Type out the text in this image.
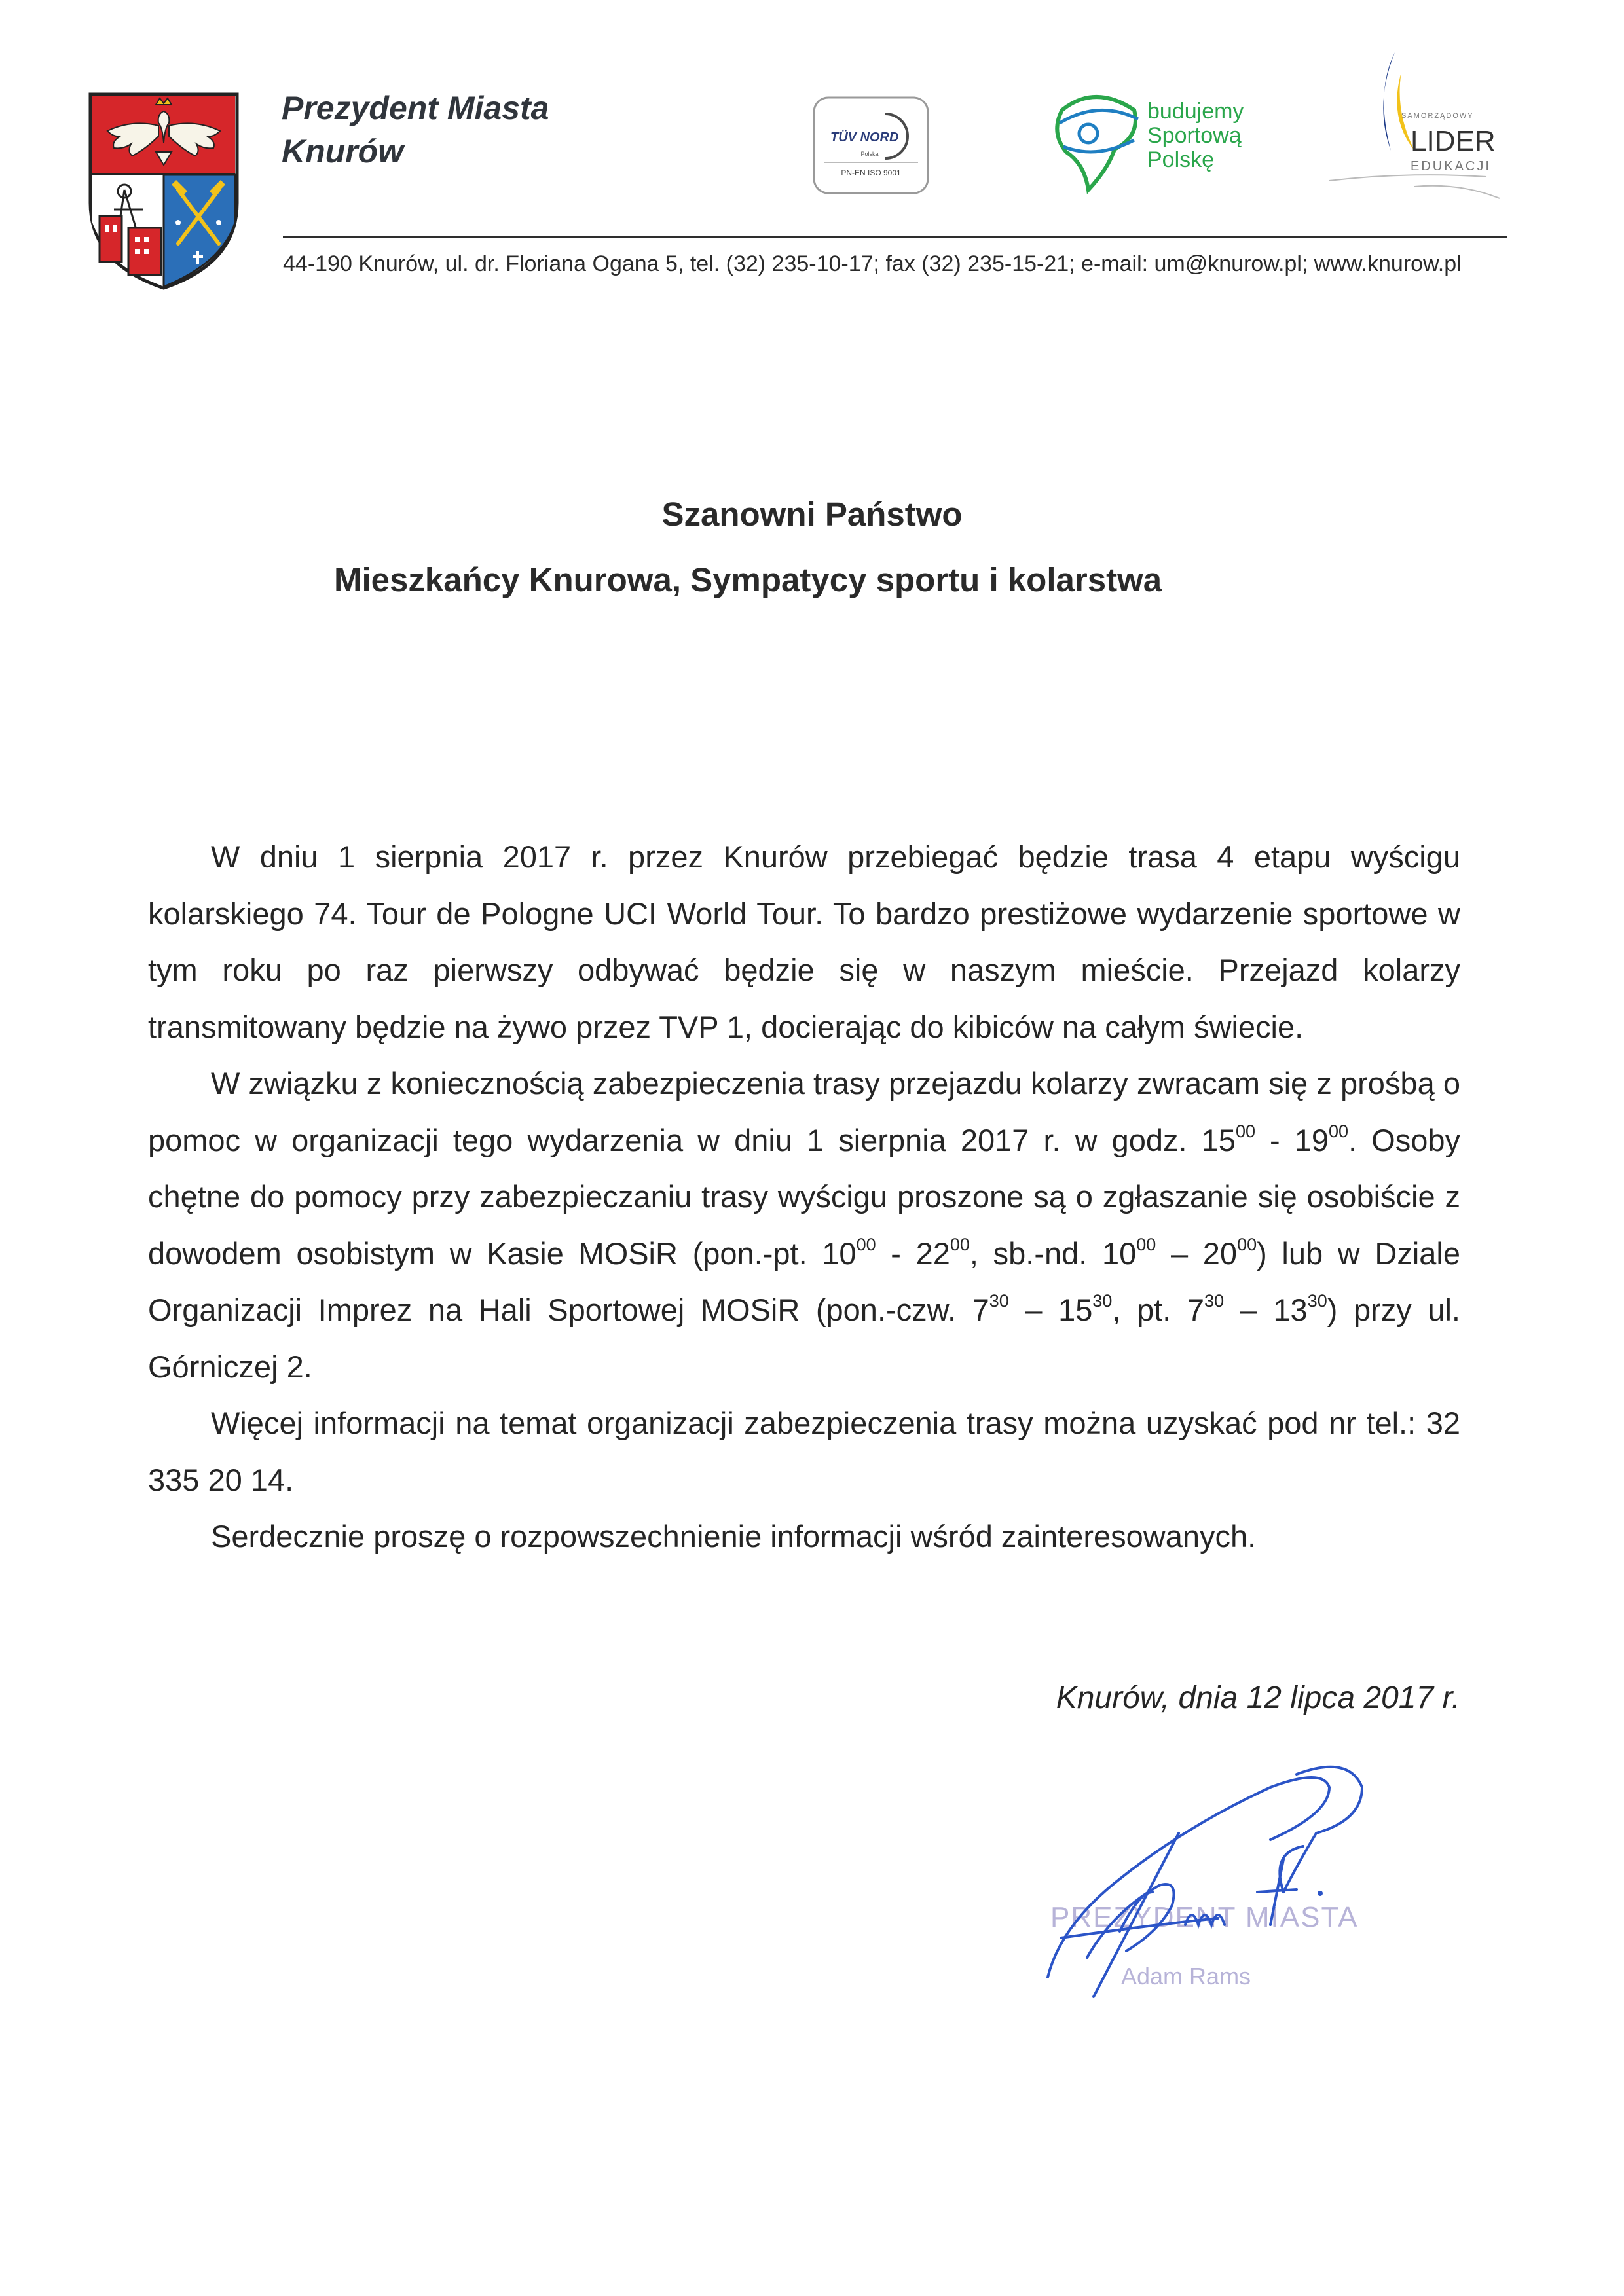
Prezydent Miasta
Knurów	TÜV NORD
Polska
PN-EN ISO 9001
budujemy
Sportową
Polskę
SAMORZĄDOWY
LIDER
EDUKACJI
44-190 Knurów, ul. dr. Floriana Ogana 5, tel. (32) 235-10-17; fax (32) 235-15-21; e-mail: um@knurow.pl; www.knurow.pl
Szanowni Państwo
Mieszkańcy Knurowa, Sympatycy sportu i kolarstwa
W dniu 1 sierpnia 2017 r. przez Knurów przebiegać będzie trasa 4 etapu wyścigu kolarskiego 74. Tour de Pologne UCI World Tour. To bardzo prestiżowe wydarzenie sportowe w tym roku po raz pierwszy odbywać będzie się w naszym mieście. Przejazd kolarzy transmitowany będzie na żywo przez TVP 1, docierając do kibiców na całym świecie.
W związku z koniecznością zabezpieczenia trasy przejazdu kolarzy zwracam się z prośbą o pomoc w organizacji tego wydarzenia w dniu 1 sierpnia 2017 r. w godz. $15^{00} - 19^{00}$. Osoby chętne do pomocy przy zabezpieczaniu trasy wyścigu proszone są o zgłaszanie się osobiście z dowodem osobistym w Kasie MOSiR (pon.-pt. $10^{00} - 22^{00}$, sb.-nd. $10^{00} - 20^{00}$) lub w Dziale Organizacji Imprez na Hali Sportowej MOSiR (pon.-czw. $7^{30} - 15^{30}$, pt. $7^{30} - 13^{30}$) przy ul. Górniczej 2.
Więcej informacji na temat organizacji zabezpieczenia trasy można uzyskać pod nr tel.: 32 335 20 14.
Serdecznie proszę o rozpowszechnienie informacji wśród zainteresowanych.
Knurów, dnia 12 lipca 2017 r.
PREZYDENT MIASTA
Adam Rams
